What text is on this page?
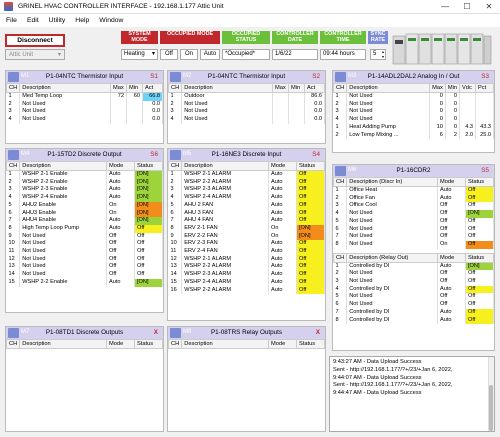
GRINEL HVAC CONTROLLER INTERFACE - 192.168.1.177 Attic Unit	—	☐	✕
File Edit Utility Help Window
Disconnect
Attic Unit	▾
SYSTEM MODE
OCCUPIED MODE	OCCUPIED STATUS
CONTROLLER DATE
CONTROLLER TIME
SYNC RATE
Heating ▾	Off	On	Auto	*Occupied*	1/6/22	09:44 hours	5 ▴
▾
M1	P1-04NTC Thermistor Input	S1
CH	Description	Max	Min	Act
1	Med Temp Loop	72	60	66.8
2	Not Used			0.0
3	Not Used			0.0
4	Not Used			0.0
M2	P1-04NTC Thermistor Input	S2
CH	Description	Max	Min	Act
1	Outdoor			86.6
2	Not Used			0.0
3	Not Used			0.0
4	Not Used			0.0
M3	P1-14ADL2DAL2 Analog In / Out	S3
CH	Description	Max	Min	Vdc	Pct
1	Not Used	0	0		
2	Not Used	0	0		
3	Not Used	0	0		
4	Not Used	0	0		
1	Heat Adding Pump	10	0	4.3	43.3
2	Low Temp Mixing ...	6	2	2.0	25.0
M4	P1-15TD2 Discrete Output	S6
CH	Description	Mode	Status
1	WSHP 2-1 Enable	Auto	[ON]
2	WSHP 2-2 Enable	Auto	[ON]
3	WSHP 2-3 Enable	Auto	[ON]
4	WSHP 2-4 Enable	Auto	[ON]
5	AHU2 Enable	On	[ON]
6	AHU3 Enable	On	[ON]
7	AHU4 Enable	Auto	[ON]
8	High Temp Loop Pump	Auto	Off
9	Not Used	Off	Off
10	Not Used	Off	Off
11	Not Used	Off	Off
12	Not Used	Off	Off
13	Not Used	Off	Off
14	Not Used	Off	Off
15	WSHP 2-2 Enable	Auto	[ON]
M5	P1-16NE3 Discrete Input	S4
CH	Description	Mode	Status
1	WSHP 2-1 ALARM	Auto	Off
2	WSHP 2-2 ALARM	Auto	Off
3	WSHP 2-3 ALARM	Auto	Off
4	WSHP 2-4 ALARM	Auto	Off
5	AHU 2 FAN	Auto	Off
6	AHU 3 FAN	Auto	Off
7	AHU 4 FAN	Auto	Off
8	ERV 2-1 FAN	On	[ON]
9	ERV 2-2 FAN	On	[ON]
10	ERV 2-3 FAN	Auto	Off
11	ERV 2-4 FAN	Auto	Off
12	WSHP 2-1 ALARM	Auto	Off
13	WSHP 2-2 ALARM	Auto	Off
14	WSHP 2-3 ALARM	Auto	Off
15	WSHP 2-4 ALARM	Auto	Off
16	WSHP 2-2 ALARM	Auto	Off
M6	P1-16CDR2	S5
CH	Description (Discr In)	Mode	Status
1	Office Heat	Auto	Off
2	Office Fan	Auto	Off
3	Office Cool	Off	Off
4	Not Used	Off	[ON]
5	Not Used	Off	Off
6	Not Used	Off	Off
7	Not Used	Off	Off
8	Not Used	On	Off
CH	Description (Relay Out)	Mode	Status
1	Controlled by DI	Auto	[ON]
2	Not Used	Off	Off
3	Not Used	Off	Off
4	Controlled by DI	Auto	Off
5	Not Used	Off	Off
6	Not Used	Off	Off
7	Controlled by DI	Auto	Off
8	Controlled by DI	Auto	Off
M7	P1-08TD1 Discrete Outputs	X
CH	Description	Mode	Status
M8	P1-08TRS Relay Outputs	X
CH	Description	Mode	Status
9:43:27 AM - Data Upload Success
Sent - http://192.168.1.177/?+/23/+Jan 6, 2022,
9:44:07 AM - Data Upload Success
Sent - http://192.168.1.177/?+/23/+Jan 6, 2022,
9:44:47 AM - Data Upload Success
